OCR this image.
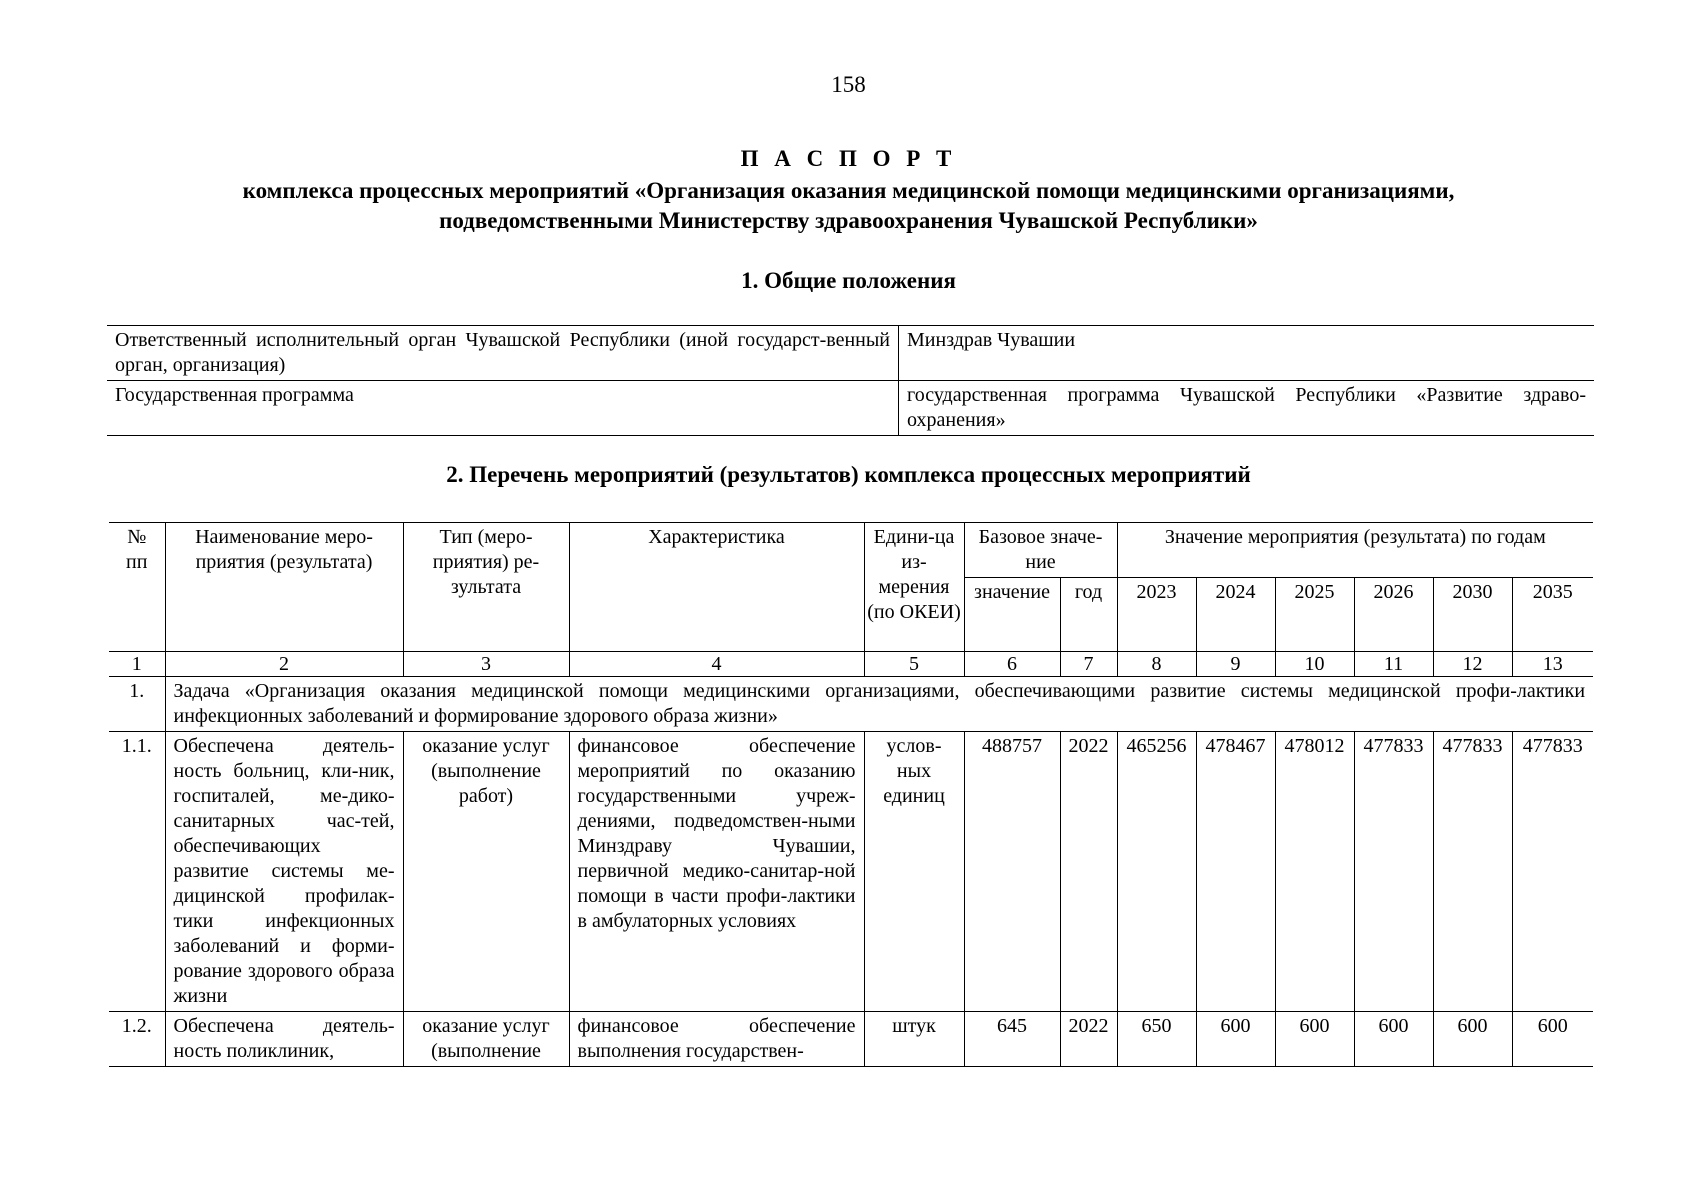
158
П А С П О Р Т
комплекса процессных мероприятий «Организация оказания медицинской помощи медицинскими организациями,
подведомственными Министерству здравоохранения Чувашской Республики»
1. Общие положения
Ответственный исполнительный орган Чувашской Республики (иной государст-венный орган, организация)	Минздрав Чувашии
Государственная программа	государственная программа Чувашской Республики «Развитие здраво-охранения»
2. Перечень мероприятий (результатов) комплекса процессных мероприятий
№ пп	Наименование меро-приятия (результата)	Тип (меро-приятия) ре-зультата	Характеристика	Едини-ца из-мерения (по ОКЕИ)	Базовое значе-ние		Значение мероприятия (результата) по годам					
					значение	год	2023	2024	2025	2026	2030	2035
1	2	3	4	5	6	7	8	9	10	11	12	13
1.	Задача «Организация оказания медицинской помощи медицинскими организациями, обеспечивающими развитие системы медицинской профи-лактики инфекционных заболеваний и формирование здорового образа жизни»											
1.1.	Обеспечена деятель-ность больниц, кли-ник, госпиталей, ме-дико-санитарных час-тей, обеспечивающих развитие системы ме-дицинской профилак-тики инфекционных заболеваний и форми-рование здорового образа жизни	оказание услуг (выполнение работ)	финансовое обеспечение мероприятий по оказанию государственными учреж-дениями, подведомствен-ными Минздраву Чувашии, первичной медико-санитар-ной помощи в части профи-лактики в амбулаторных условиях	услов-ных единиц	488757	2022	465256	478467	478012	477833	477833	477833
1.2.	Обеспечена деятель-ность поликлиник,	оказание услуг (выполнение	финансовое обеспечение выполнения государствен-	штук	645	2022	650	600	600	600	600	600
